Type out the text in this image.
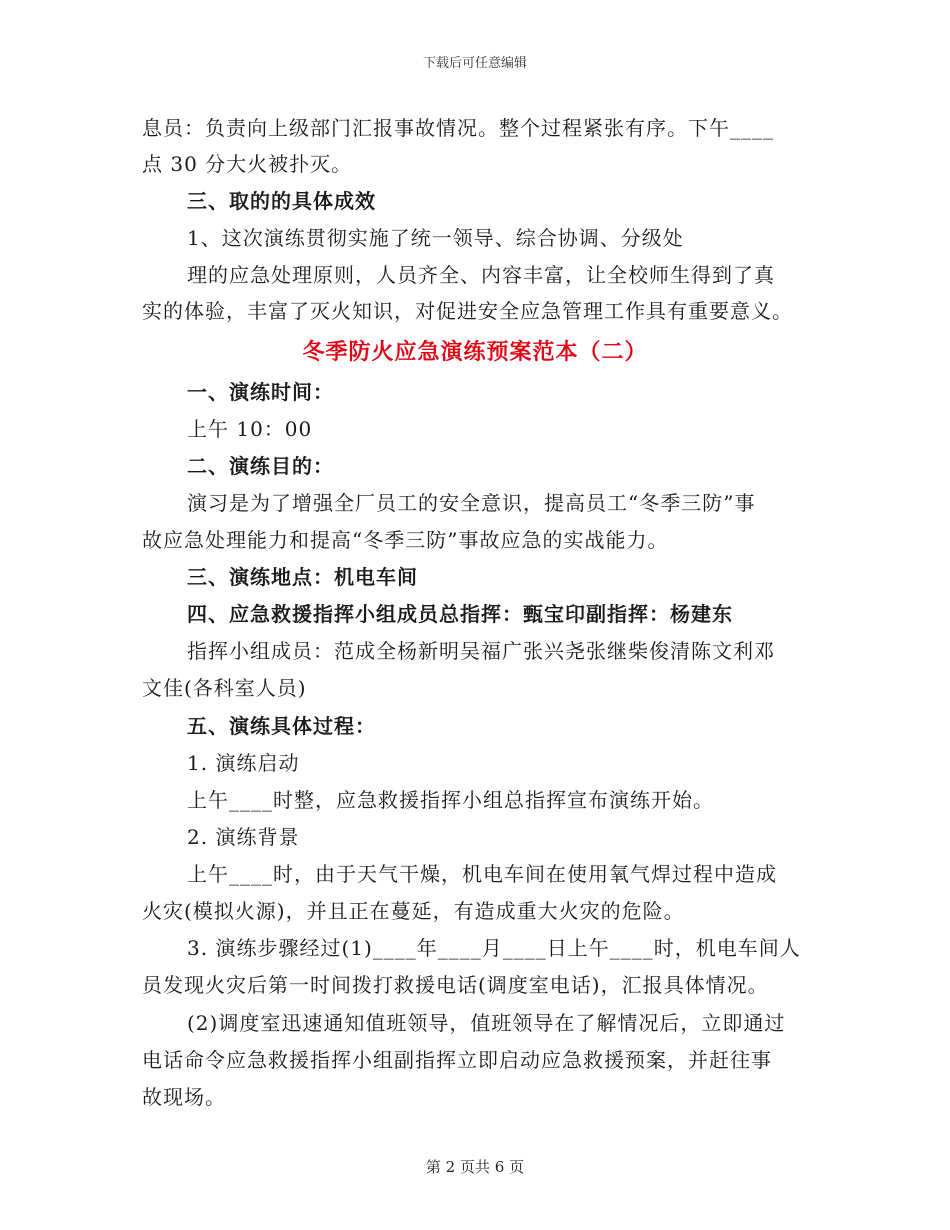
下载后可任意编辑
息员：负责向上级部门汇报事故情况。整个过程紧张有序。下午____
点 30 分大火被扑灭。
三、取的的具体成效
1、这次演练贯彻实施了统一领导、综合协调、分级处
理的应急处理原则，人员齐全、内容丰富，让全校师生得到了真
实的体验，丰富了灭火知识，对促进安全应急管理工作具有重要意义。
冬季防火应急演练预案范本（二）
一、演练时间：
上午 10：00
二、演练目的：
演习是为了增强全厂员工的安全意识，提高员工“冬季三防”事
故应急处理能力和提高“冬季三防”事故应急的实战能力。
三、演练地点：机电车间
四、应急救援指挥小组成员总指挥：甄宝印副指挥：杨建东
指挥小组成员：范成全杨新明吴福广张兴尧张继柴俊清陈文利邓
文佳(各科室人员)
五、演练具体过程：
1. 演练启动
上午____时整，应急救援指挥小组总指挥宣布演练开始。
2. 演练背景
上午____时，由于天气干燥，机电车间在使用氧气焊过程中造成
火灾(模拟火源)，并且正在蔓延，有造成重大火灾的危险。
3. 演练步骤经过(1)____年____月____日上午____时，机电车间人
员发现火灾后第一时间拨打救援电话(调度室电话)，汇报具体情况。
(2)调度室迅速通知值班领导，值班领导在了解情况后，立即通过
电话命令应急救援指挥小组副指挥立即启动应急救援预案，并赶往事
故现场。
第 2 页共 6 页
